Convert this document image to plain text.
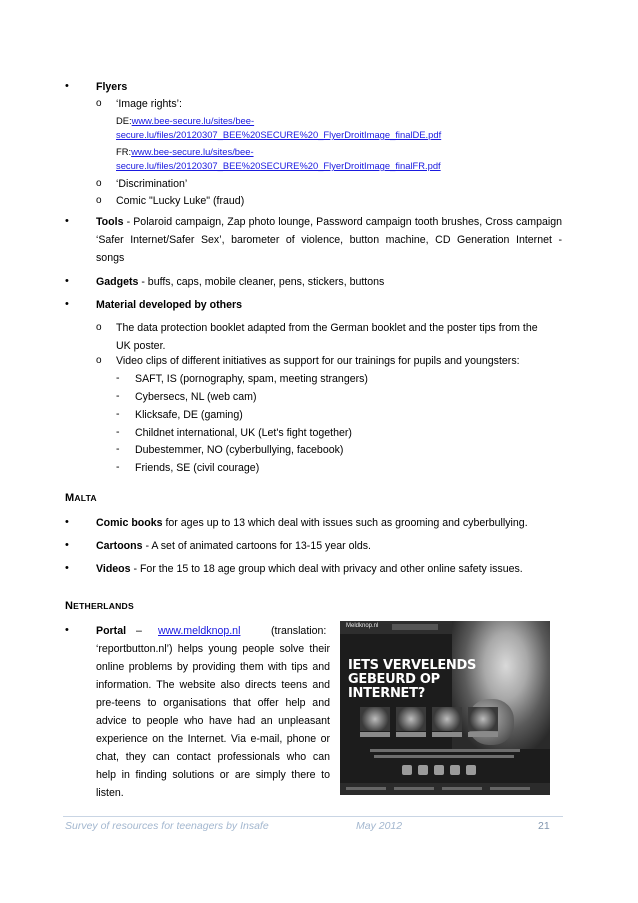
•	Flyers
o ‘Image rights’:
DE:www.bee-secure.lu/sites/bee-
secure.lu/files/20120307_BEE%20SECURE%20_FlyerDroitImage_finalDE.pdf
FR:www.bee-secure.lu/sites/bee-
secure.lu/files/20120307_BEE%20SECURE%20_FlyerDroitImage_finalFR.pdf
o ‘Discrimination’
o Comic "Lucky Luke" (fraud)
•	Tools - Polaroid campaign, Zap photo lounge, Password campaign tooth brushes, Cross campaign
‘Safer Internet/Safer Sex’, barometer of violence, button machine, CD Generation Internet -
songs
•	Gadgets - buffs, caps, mobile cleaner, pens, stickers, buttons
•	Material developed by others
o The data protection booklet adapted from the German booklet and the poster tips from the
UK poster.
o Video clips of different initiatives as support for our trainings for pupils and youngsters:
- SAFT, IS (pornography, spam, meeting strangers)
- Cybersecs, NL (web cam)
- Klicksafe, DE (gaming)
- Childnet international, UK (Let's fight together)
- Dubestemmer, NO (cyberbullying, facebook)
- Friends, SE (civil courage)
MALTA
•	Comic books for ages up to 13 which deal with issues such as grooming and cyberbullying.
•	Cartoons - A set of animated cartoons for 13-15 year olds.
•	Videos - For the 15 to 18 age group which deal with privacy and other online safety issues.
NETHERLANDS
•	Portal – www.meldknop.nl	(translation:
‘reportbutton.nl’) helps young people solve their
online problems by providing them with tips and
information. The website also directs teens and
pre-teens to organisations that offer help and
advice to people who have had an unpleasant
experience on the Internet. Via e-mail, phone or
chat, they can contact professionals who can
help in finding solutions or are simply there to
listen.
Meldknop.nl
IETS VERVELENDS
GEBEURD OP INTERNET?
Survey of resources for teenagers by Insafe	May 2012	21
